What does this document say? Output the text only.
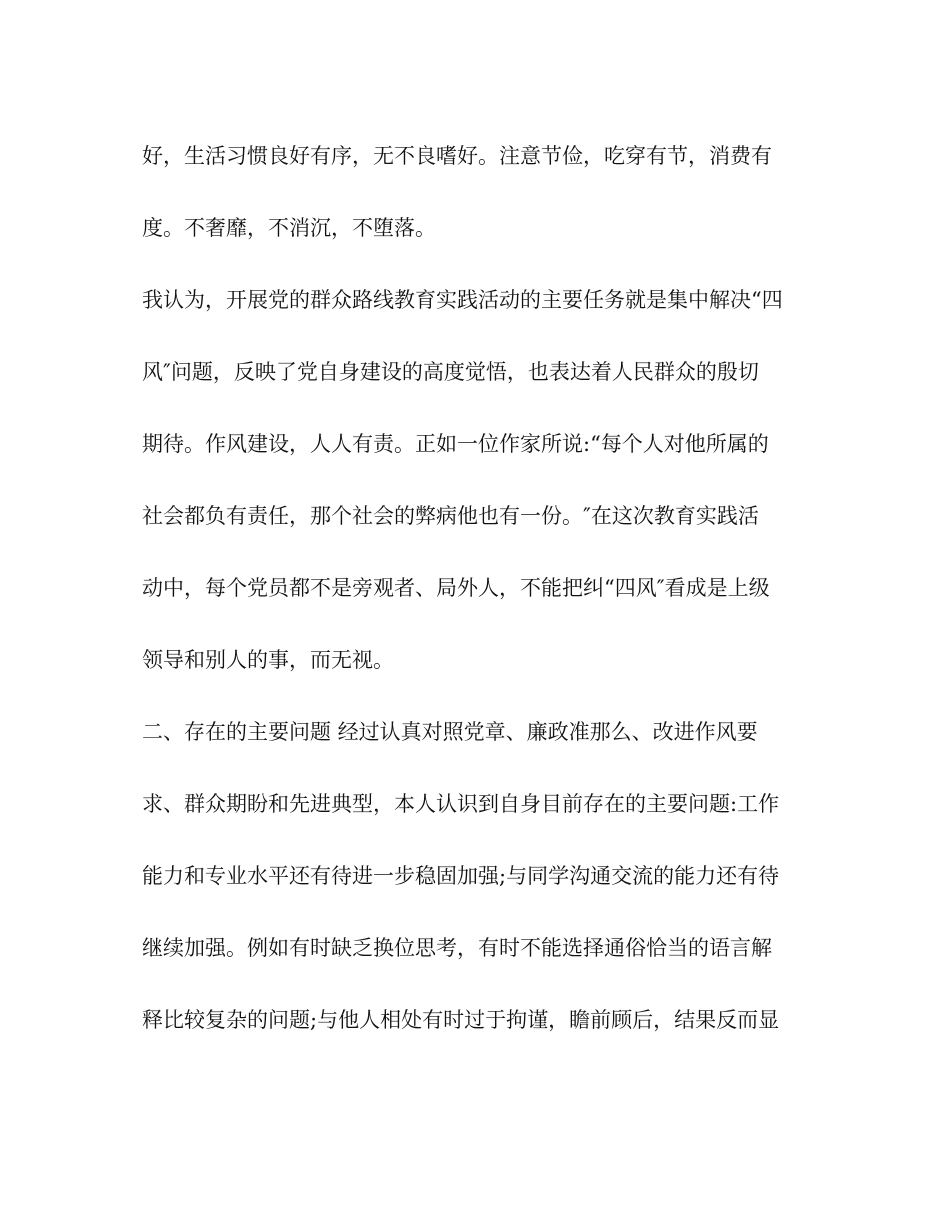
好，生活习惯良好有序，无不良嗜好。注意节俭，吃穿有节，消费有
度。不奢靡，不消沉，不堕落。
我认为，开展党的群众路线教育实践活动的主要任务就是集中解决“四
风″问题，反映了党自身建设的高度觉悟，也表达着人民群众的殷切
期待。作风建设，人人有责。正如一位作家所说:“每个人对他所属的
社会都负有责任，那个社会的弊病他也有一份。″在这次教育实践活
动中，每个党员都不是旁观者、局外人，不能把纠“四风″看成是上级
领导和别人的事，而无视。
二、存在的主要问题 经过认真对照党章、廉政准那么、改进作风要
求、群众期盼和先进典型，本人认识到自身目前存在的主要问题:工作
能力和专业水平还有待进一步稳固加强;与同学沟通交流的能力还有待
继续加强。例如有时缺乏换位思考，有时不能选择通俗恰当的语言解
释比较复杂的问题;与他人相处有时过于拘谨，瞻前顾后，结果反而显
